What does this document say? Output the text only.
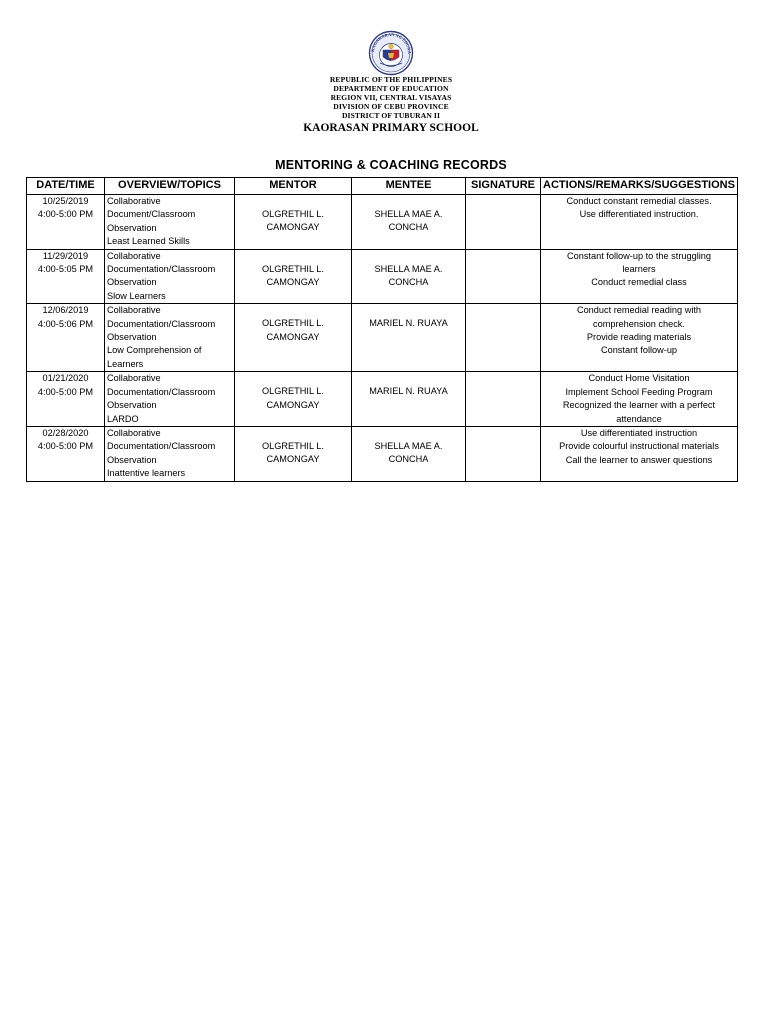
KAGAWARAN NG EDUKA
REPUBLIC OF THE PHILIPPINES
DEPARTMENT OF EDUCATION
REGION VII, CENTRAL VISAYAS
DIVISION OF CEBU PROVINCE
DISTRICT OF TUBURAN II
KAORASAN PRIMARY SCHOOL
MENTORING & COACHING RECORDS
DATE/TIME	OVERVIEW/TOPICS	MENTOR	MENTEE	SIGNATURE	ACTIONS/REMARKS/SUGGESTIONS

10/25/2019
4:00-5:00 PM	Collaborative
Document/Classroom
Observation
Least Learned Skills	OLGRETHIL L.
CAMONGAY	SHELLA MAE A.
CONCHA		Conduct constant remedial classes.
Use differentiated instruction.

11/29/2019
4:00-5:05 PM	Collaborative
Documentation/Classroom
Observation
Slow Learners	OLGRETHIL L.
CAMONGAY	SHELLA MAE A.
CONCHA		Constant follow-up to the struggling
learners
Conduct remedial class

12/06/2019
4:00-5:06 PM	Collaborative
Documentation/Classroom
Observation
Low Comprehension of
Learners	OLGRETHIL L.
CAMONGAY	MARIEL N. RUAYA		Conduct remedial reading with
comprehension check.
Provide reading materials
Constant follow-up

01/21/2020
4:00-5:00 PM	Collaborative
Documentation/Classroom
Observation
LARDO	OLGRETHIL L.
CAMONGAY	MARIEL N. RUAYA		Conduct Home Visitation
Implement School Feeding Program
Recognized the learner with a perfect
attendance

02/28/2020
4:00-5:00 PM	Collaborative
Documentation/Classroom
Observation
Inattentive learners	OLGRETHIL L.
CAMONGAY	SHELLA MAE A.
CONCHA		Use differentiated instruction
Provide colourful instructional materials
Call the learner to answer questions
